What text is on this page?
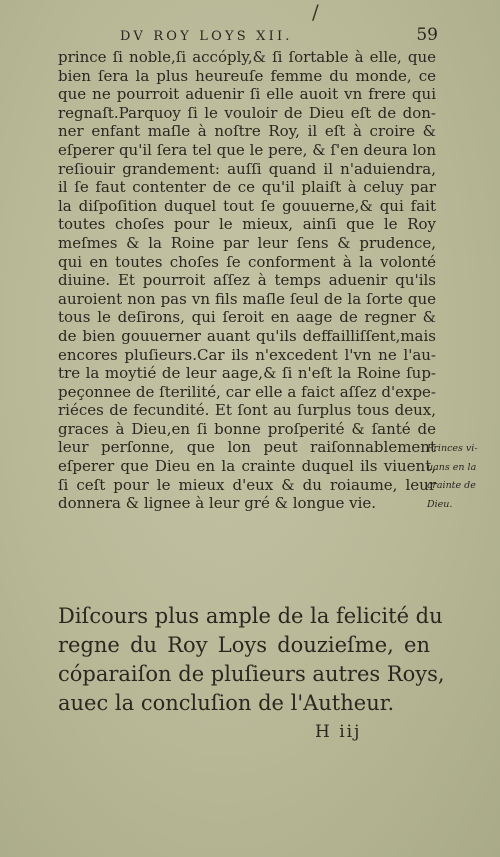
/
DV ROY LOYS XII.	59
prince ſi noble,ſi accóply,& ſi ſortable à elle, que
bien ſera la plus heureuſe femme du monde, ce
que ne pourroit aduenir ſi elle auoit vn frere qui
regnaſt.Parquoy ſi le vouloir de Dieu eſt de don-
ner enfant maſle à noſtre Roy, il eſt à croire &
eſperer qu'il ſera tel que le pere, & ſ'en deura lon
reſiouir grandement: auſſi quand il n'aduiendra,
il ſe faut contenter de ce qu'il plaiſt à celuy par
la diſpoſition duquel tout ſe gouuerne,& qui fait
toutes choſes pour le mieux, ainſi que le Roy
meſmes & la Roine par leur ſens & prudence,
qui en toutes choſes ſe conforment à la volonté
diuine. Et pourroit aſſez à temps aduenir qu'ils
auroient non pas vn fils maſle ſeul de la ſorte que
tous le deſirons, qui ſeroit en aage de regner &
de bien gouuerner auant qu'ils deffailliſſent,mais
encores pluſieurs.Car ils n'excedent l'vn ne l'au-
tre la moytié de leur aage,& ſi n'eſt la Roine ſup-
peçonnee de ſterilité, car elle a faict aſſez d'expe-
riéces de fecundité. Et ſont au ſurplus tous deux,
graces à Dieu,en ſi bonne proſperité & ſanté de
leur perſonne, que lon peut raiſonnablement
eſperer que Dieu en la crainte duquel ils viuent,
ſi ceſt pour le mieux d'eux & du roiaume, leur
donnera & lignee à leur gré & longue vie.
Princes vi-
uans en la
crainte de
Dieu.
Diſcours plus ample de la felicité du
regne du Roy Loys douzieſme, en
cóparaiſon de pluſieurs autres Roys,
auec la concluſion de l'Autheur.
H iij
